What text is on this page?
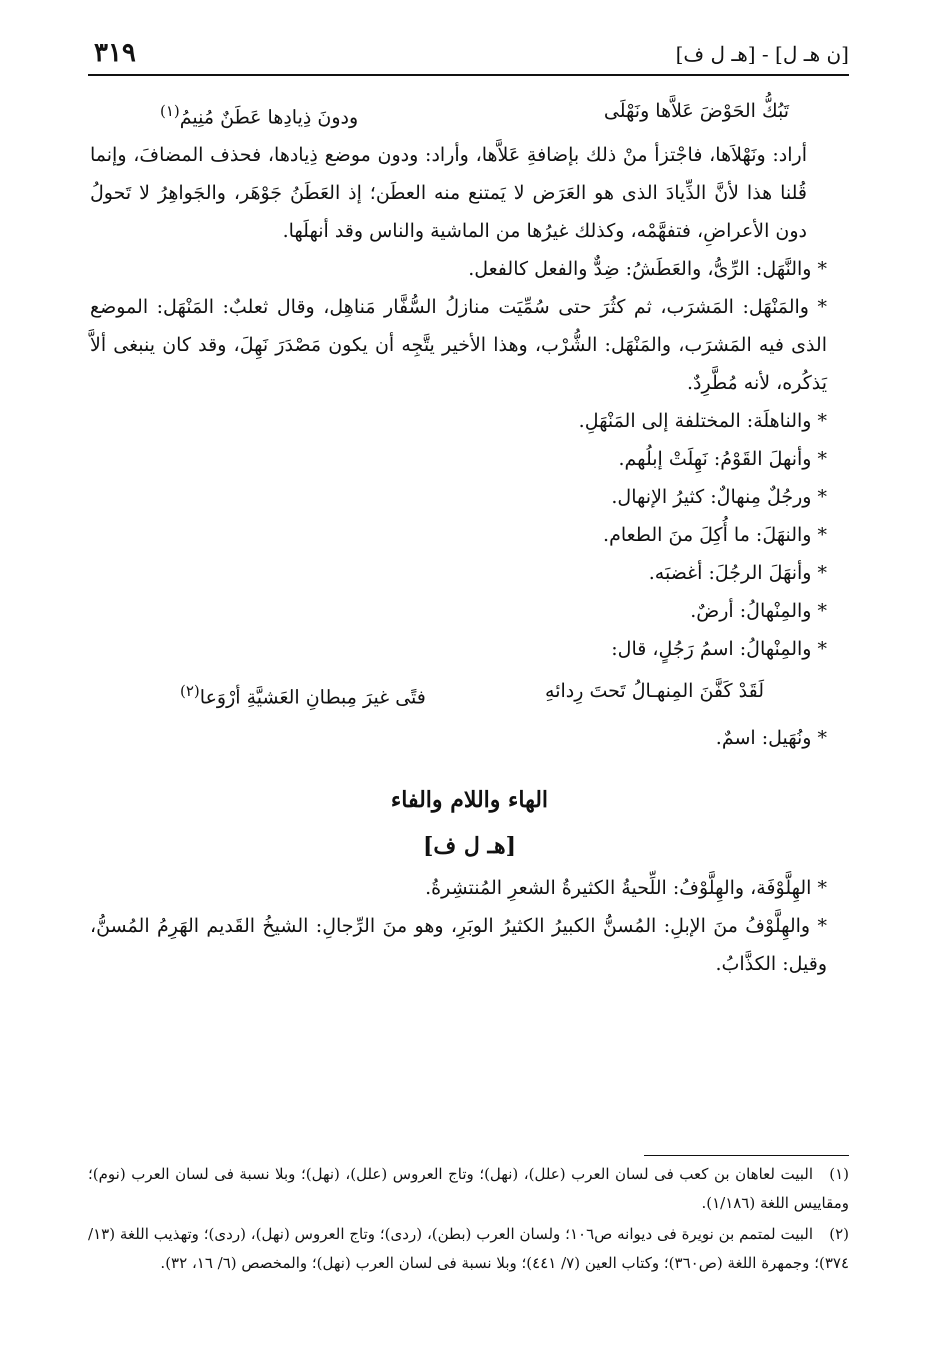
[ن هـ ل] - [هـ ل ف]
٣١٩
تَبُكُّ الحَوْضَ عَلاَّها ونَهْلَى
ودونَ ذِيادِها عَطَنٌ مُنِيمُ$^{(١)}$

أراد: ونَهْلاَها، فاجْتزأ منْ ذلك بإضافةِ عَلاَّها، وأراد: ودون موضع ذِيادها، فحذف المضافَ، وإنما قُلنا هذا لأنَّ الذِّيادَ الذى هو العَرَض لا يَمتنع منه العطَن؛ إذ العَطَنُ جَوْهَر، والجَواهِرُ لا تَحولُ دون الأعراضِ، فتفهَّمْه، وكذلك غيرُها من الماشية والناس وقد أنهلَها.

* والنَّهَل: الرِّىُّ، والعَطَشُ: ضِدٌّ والفعل كالفعل.

* والمَنْهَل: المَشرَب، ثم كثُرَ حتى سُمِّيَت منازلُ السُّفَّار مَناهِل، وقال ثعلبٌ: المَنْهَل: الموضع الذى فيه المَشرَب، والمَنْهَل: الشُّرْب، وهذا الأخير يتَّجِه أن يكون مَصْدَرَ نَهِلَ، وقد كان ينبغى ألاَّ يَذكُره، لأنه مُطَّرِدٌ.

* والناهلَة: المختلفة إلى المَنْهَلِ.

* وأنهلَ القَوْمُ: نَهِلَتْ إبلُهم.

* ورجُلٌ مِنهالٌ: كثيرُ الإنهال.

* والنهَلَ: ما أُكِلَ منَ الطعام.

* وأنهَلَ الرجُلَ: أغضبَه.

* والمِنْهالُ: أرضٌ.

* والمِنْهالُ: اسمُ رَجُلٍ، قال:

لَقَدْ كَفَّنَ المِنهـالُ تَحتَ رِدائهِ
فتًى غيرَ مِبطانِ العَشيَّةِ أرْوَعا$^{(٢)}$

* ونُهَيل: اسمٌ.

الهاء واللام والفاء
[هـ ل ف]

* الهِلَّوْفَة، والهِلَّوْفُ: اللِّحيةُ الكثيرةُ الشعرِ المُنتشِرةُ.

* والهِلَّوْفُ منَ الإبلِ: المُسنُّ الكبيرُ الكثيرُ الوبَرِ، وهو منَ الرِّجالِ: الشيخُ القَديم الهَرِمُ المُسنُّ، وقيل: الكذَّابُ.

(١)البيت لعاهان بن كعب فى لسان العرب (علل)، (نهل)؛ وتاج العروس (علل)، (نهل)؛ وبلا نسبة فى لسان العرب (نوم)؛ ومقاييس اللغة (١/١٨٦).

(٢)البيت لمتمم بن نويرة فى ديوانه ص١٠٦؛ ولسان العرب (بطن)، (ردى)؛ وتاج العروس (نهل)، (ردى)؛ وتهذيب اللغة (١٣/ ٣٧٤)؛ وجمهرة اللغة (ص٣٦٠)؛ وكتاب العين (٧/ ٤٤١)؛ وبلا نسبة فى لسان العرب (نهل)؛ والمخصص (٦/ ١٦، ٣٢).
